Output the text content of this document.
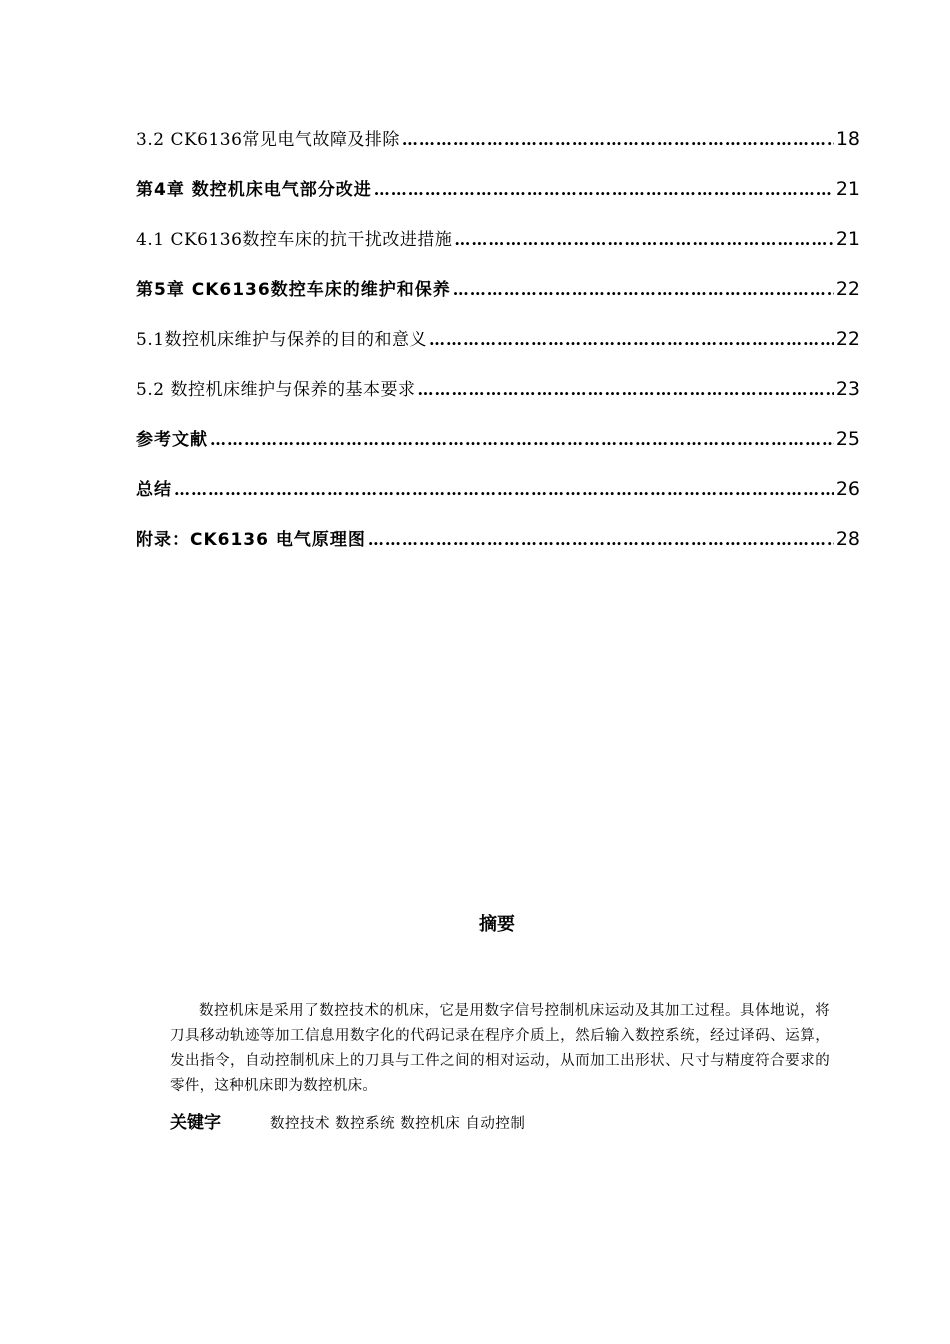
3.2 CK6136常见电气故障及排除 …………………………………………………………………………………………………………………………………………………………………………………………………………	18
第4章 数控机床电气部分改进 …………………………………………………………………………………………………………………………………………………………………………………………………………	21
4.1 CK6136数控车床的抗干扰改进措施 …………………………………………………………………………………………………………………………………………………………………………………………………………	21
第5章 CK6136数控车床的维护和保养 …………………………………………………………………………………………………………………………………………………………………………………………………………	22
5.1数控机床维护与保养的目的和意义 …………………………………………………………………………………………………………………………………………………………………………………………………………	22
5.2 数控机床维护与保养的基本要求 …………………………………………………………………………………………………………………………………………………………………………………………………………	23
参考文献 …………………………………………………………………………………………………………………………………………………………………………………………………………	25
总结 …………………………………………………………………………………………………………………………………………………………………………………………………………	26
附录：CK6136 电气原理图 …………………………………………………………………………………………………………………………………………………………………………………………………………	28
摘要

数控机床是采用了数控技术的机床，它是用数字信号控制机床运动及其加工过程。具体地说，将刀具移动轨迹等加工信息用数字化的代码记录在程序介质上，然后输入数控系统，经过译码、运算，发出指令，自动控制机床上的刀具与工件之间的相对运动，从而加工出形状、尺寸与精度符合要求的零件，这种机床即为数控机床。

关键字	数控技术 数控系统 数控机床 自动控制
